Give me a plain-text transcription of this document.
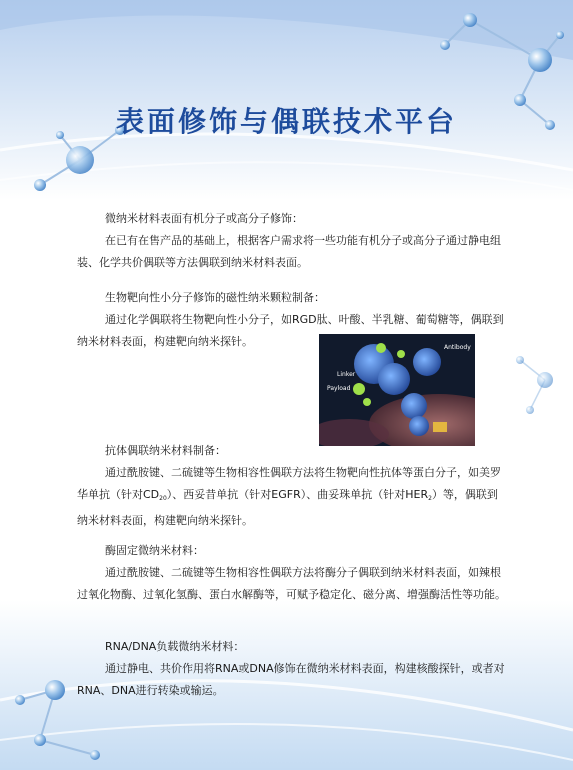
表面修饰与偶联技术平台
微纳米材料表面有机分子或高分子修饰：
在已有在售产品的基础上，根据客户需求将一些功能有机分子或高分子通过静电组装、化学共价偶联等方法偶联到纳米材料表面。
生物靶向性小分子修饰的磁性纳米颗粒制备：
通过化学偶联将生物靶向性小分子，如RGD肽、叶酸、半乳糖、葡萄糖等，偶联到纳米材料表面，构建靶向纳米探针。	Antibody
Linker
Payload
抗体偶联纳米材料制备：
通过酰胺键、二硫键等生物相容性偶联方法将生物靶向性抗体等蛋白分子，如美罗华单抗（针对$CD_{20}$）、西妥昔单抗（针对EGFR）、曲妥珠单抗（针对$HER_2$）等，偶联到纳米材料表面，构建靶向纳米探针。
酶固定微纳米材料：
通过酰胺键、二硫键等生物相容性偶联方法将酶分子偶联到纳米材料表面，如辣根过氧化物酶、过氧化氢酶、蛋白水解酶等，可赋予稳定化、磁分离、增强酶活性等功能。
RNA/DNA负载微纳米材料：
通过静电、共价作用将RNA或DNA修饰在微纳米材料表面，构建核酸探针，或者对RNA、DNA进行转染或输运。
